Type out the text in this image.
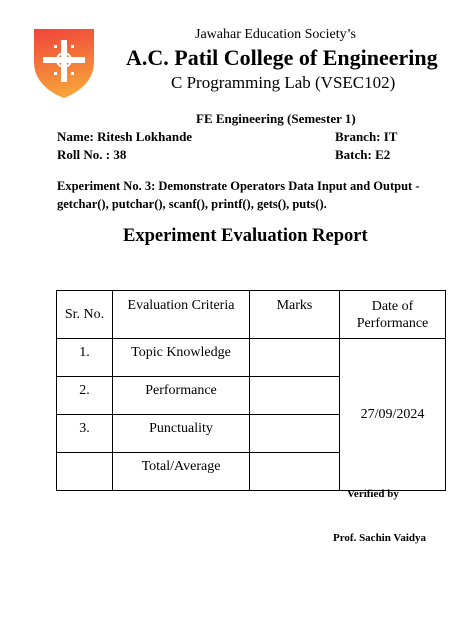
Jawahar Education Society’s
A.C. Patil College of Engineering
C Programming Lab (VSEC102)
FE Engineering (Semester 1)
Name: Ritesh Lokhande	Branch: IT
Roll No. : 38	Batch: E2
Experiment No. 3: Demonstrate Operators Data Input and Output - getchar(), putchar(), scanf(), printf(), gets(), puts().
Experiment Evaluation Report
Sr. No.	Evaluation Criteria	Marks	Date of Performance
1.	Topic Knowledge		27/09/2024
2.	Performance		
3.	Punctuality		
	Total/Average		
Verified by
Prof. Sachin Vaidya
